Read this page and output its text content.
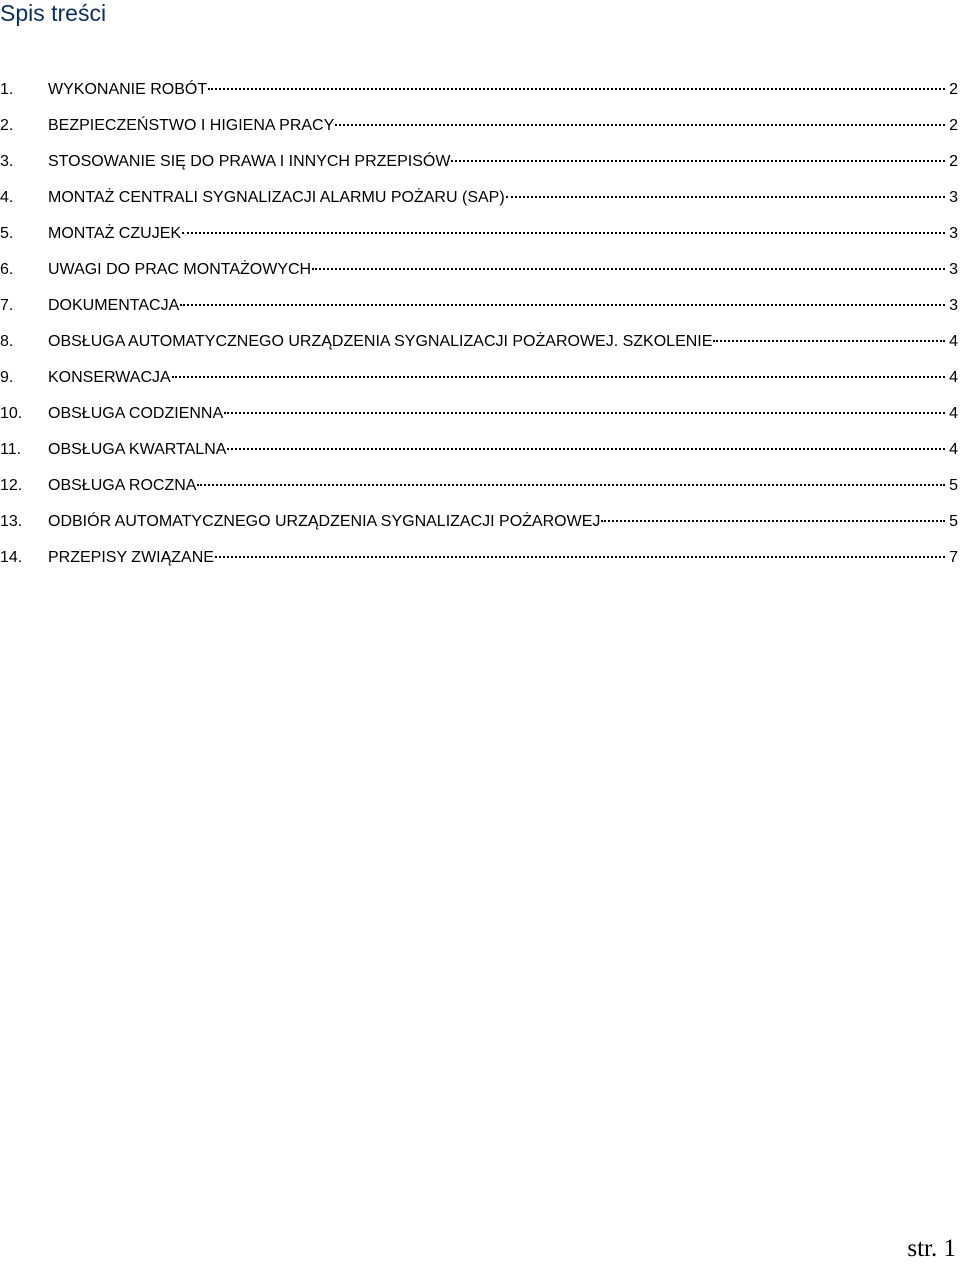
Spis treści
1.	WYKONANIE ROBÓT	2
2.	BEZPIECZEŃSTWO I HIGIENA PRACY	2
3.	STOSOWANIE SIĘ DO PRAWA I INNYCH PRZEPISÓW	2
4.	MONTAŻ CENTRALI SYGNALIZACJI ALARMU POŻARU (SAP)	3
5.	MONTAŻ CZUJEK	3
6.	UWAGI DO PRAC MONTAŻOWYCH	3
7.	DOKUMENTACJA	3
8.	OBSŁUGA AUTOMATYCZNEGO URZĄDZENIA SYGNALIZACJI POŻAROWEJ. SZKOLENIE	4
9.	KONSERWACJA	4
10.	OBSŁUGA CODZIENNA	4
11.	OBSŁUGA KWARTALNA	4
12.	OBSŁUGA ROCZNA	5
13.	ODBIÓR AUTOMATYCZNEGO URZĄDZENIA SYGNALIZACJI POŻAROWEJ	5
14.	PRZEPISY ZWIĄZANE	7
str. 1
